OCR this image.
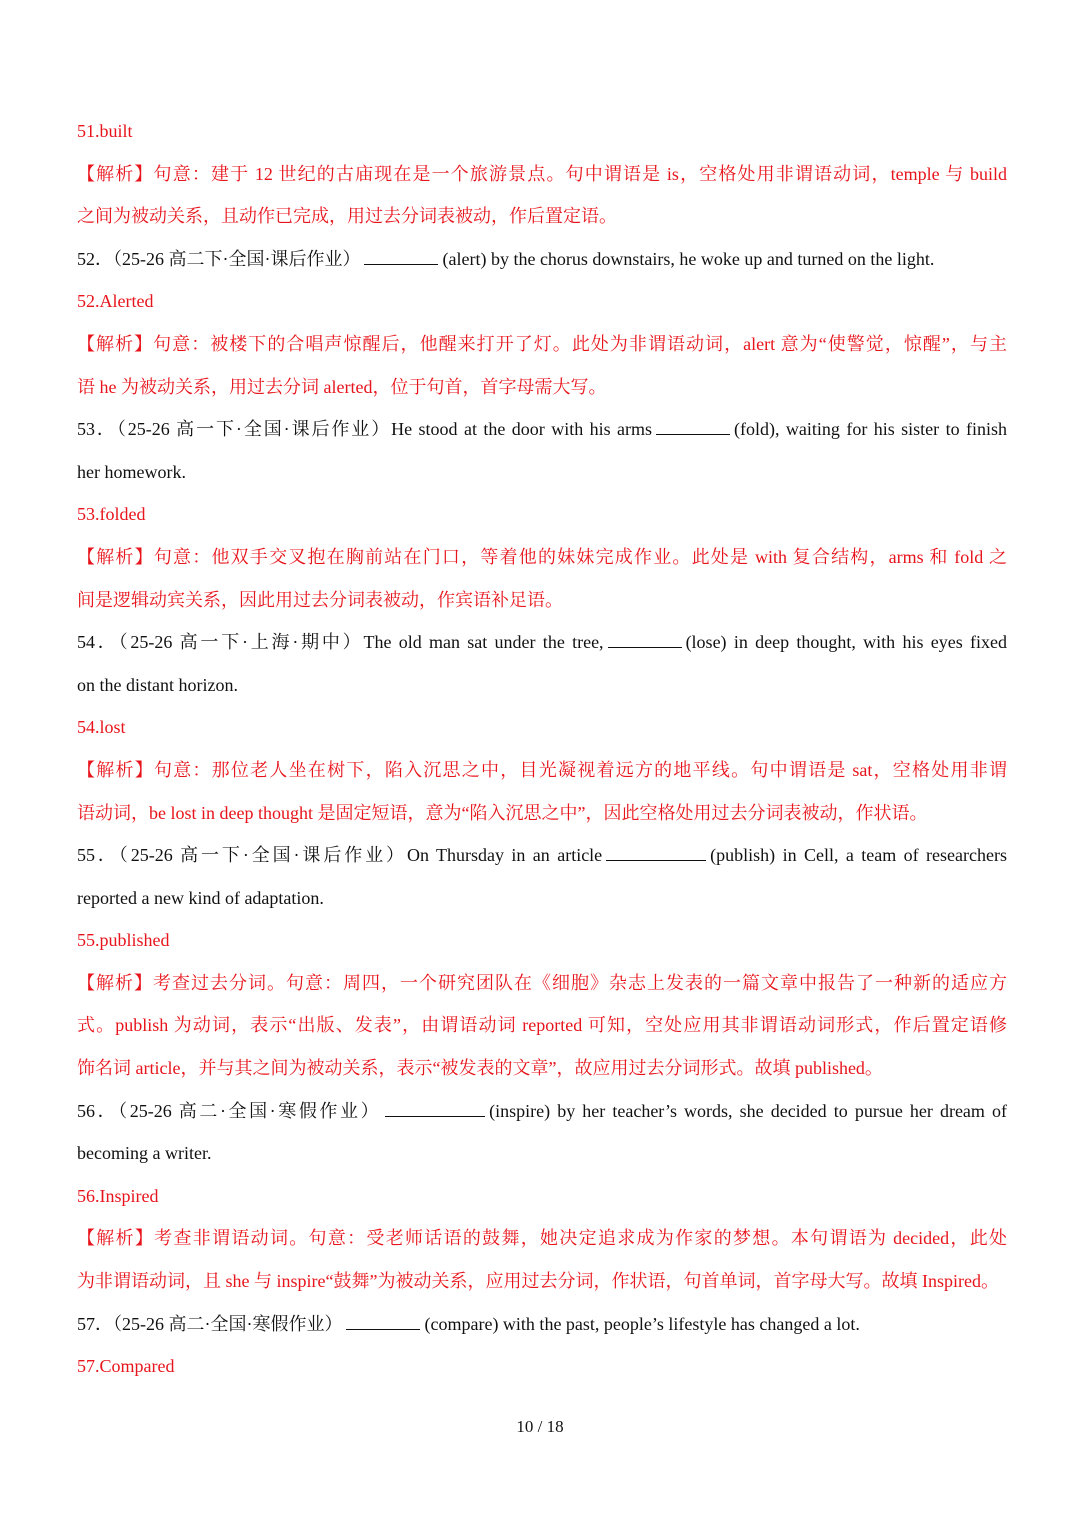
51.built
【解析】句意：建于 12 世纪的古庙现在是一个旅游景点。句中谓语是 is，空格处用非谓语动词，temple 与 build
之间为被动关系，且动作已完成，用过去分词表被动，作后置定语。
52．（25-26 高二下·全国·课后作业）	(alert) by the chorus downstairs, he woke up and turned on the light.
52.Alerted
【解析】句意：被楼下的合唱声惊醒后，他醒来打开了灯。此处为非谓语动词，alert 意为“使警觉，惊醒”，与主
语 he 为被动关系，用过去分词 alerted，位于句首，首字母需大写。
53．（25-26 高一下·全国·课后作业）He stood at the door with his arms	(fold), waiting for his sister to finish
her homework.
53.folded
【解析】句意：他双手交叉抱在胸前站在门口，等着他的妹妹完成作业。此处是 with 复合结构，arms 和 fold 之
间是逻辑动宾关系，因此用过去分词表被动，作宾语补足语。
54．（25-26 高一下·上海·期中）The old man sat under the tree,	(lose) in deep thought, with his eyes fixed
on the distant horizon.
54.lost
【解析】句意：那位老人坐在树下，陷入沉思之中，目光凝视着远方的地平线。句中谓语是 sat，空格处用非谓
语动词，be lost in deep thought 是固定短语，意为“陷入沉思之中”，因此空格处用过去分词表被动，作状语。
55．（25-26 高一下·全国·课后作业）On Thursday in an article	(publish) in Cell, a team of researchers
reported a new kind of adaptation.
55.published
【解析】考查过去分词。句意：周四，一个研究团队在《细胞》杂志上发表的一篇文章中报告了一种新的适应方
式。publish 为动词，表示“出版、发表”，由谓语动词 reported 可知，空处应用其非谓语动词形式，作后置定语修
饰名词 article，并与其之间为被动关系，表示“被发表的文章”，故应用过去分词形式。故填 published。
56．（25-26 高二·全国·寒假作业）	(inspire) by her teacher’s words, she decided to pursue her dream of
becoming a writer.
56.Inspired
【解析】考查非谓语动词。句意：受老师话语的鼓舞，她决定追求成为作家的梦想。本句谓语为 decided，此处
为非谓语动词，且 she 与 inspire“鼓舞”为被动关系，应用过去分词，作状语，句首单词，首字母大写。故填 Inspired。
57．（25-26 高二·全国·寒假作业）	(compare) with the past, people’s lifestyle has changed a lot.
57.Compared
10 / 18
